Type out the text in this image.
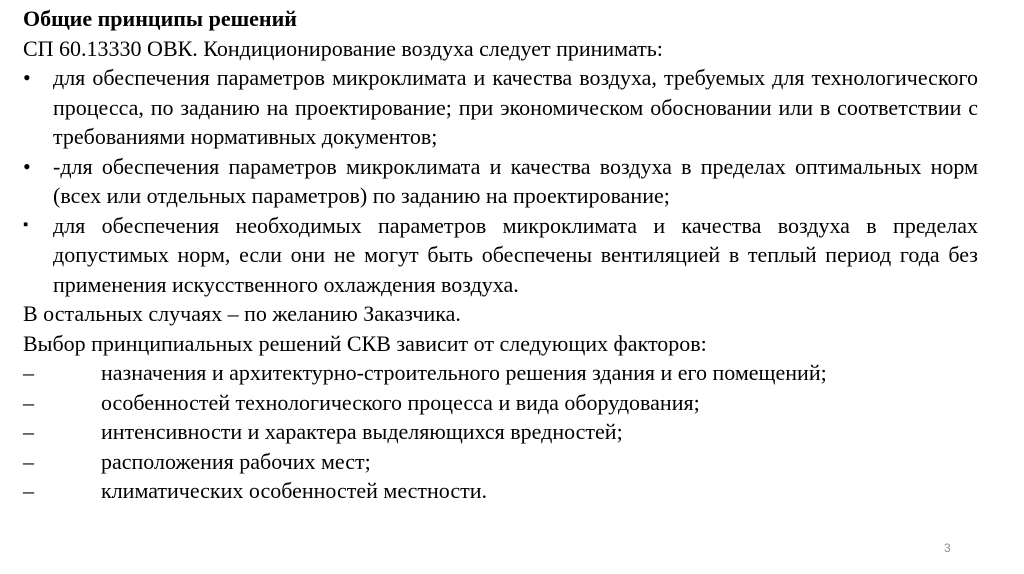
Общие принципы решений

СП 60.13330 ОВК. Кондиционирование воздуха следует принимать:

•	для обеспечения параметров микроклимата и качества воздуха, требуемых для технологического процесса, по заданию на проектирование; при экономическом обосновании или в соответствии с требованиями нормативных документов;
•	-для обеспечения параметров микроклимата и качества воздуха в пределах оптимальных норм (всех или отдельных параметров) по заданию на проектирование;
▪	для обеспечения необходимых параметров микроклимата и качества воздуха в пределах допустимых норм, если они не могут быть обеспечены вентиляцией в теплый период года без применения искусственного охлаждения воздуха.

В остальных случаях – по желанию Заказчика.

Выбор принципиальных решений СКВ зависит от следующих факторов:

–	назначения и архитектурно-строительного решения здания и его помещений;
–	особенностей технологического процесса и вида оборудования;
–	интенсивности и характера выделяющихся вредностей;
–	расположения рабочих мест;
–	климатических особенностей местности.
3
